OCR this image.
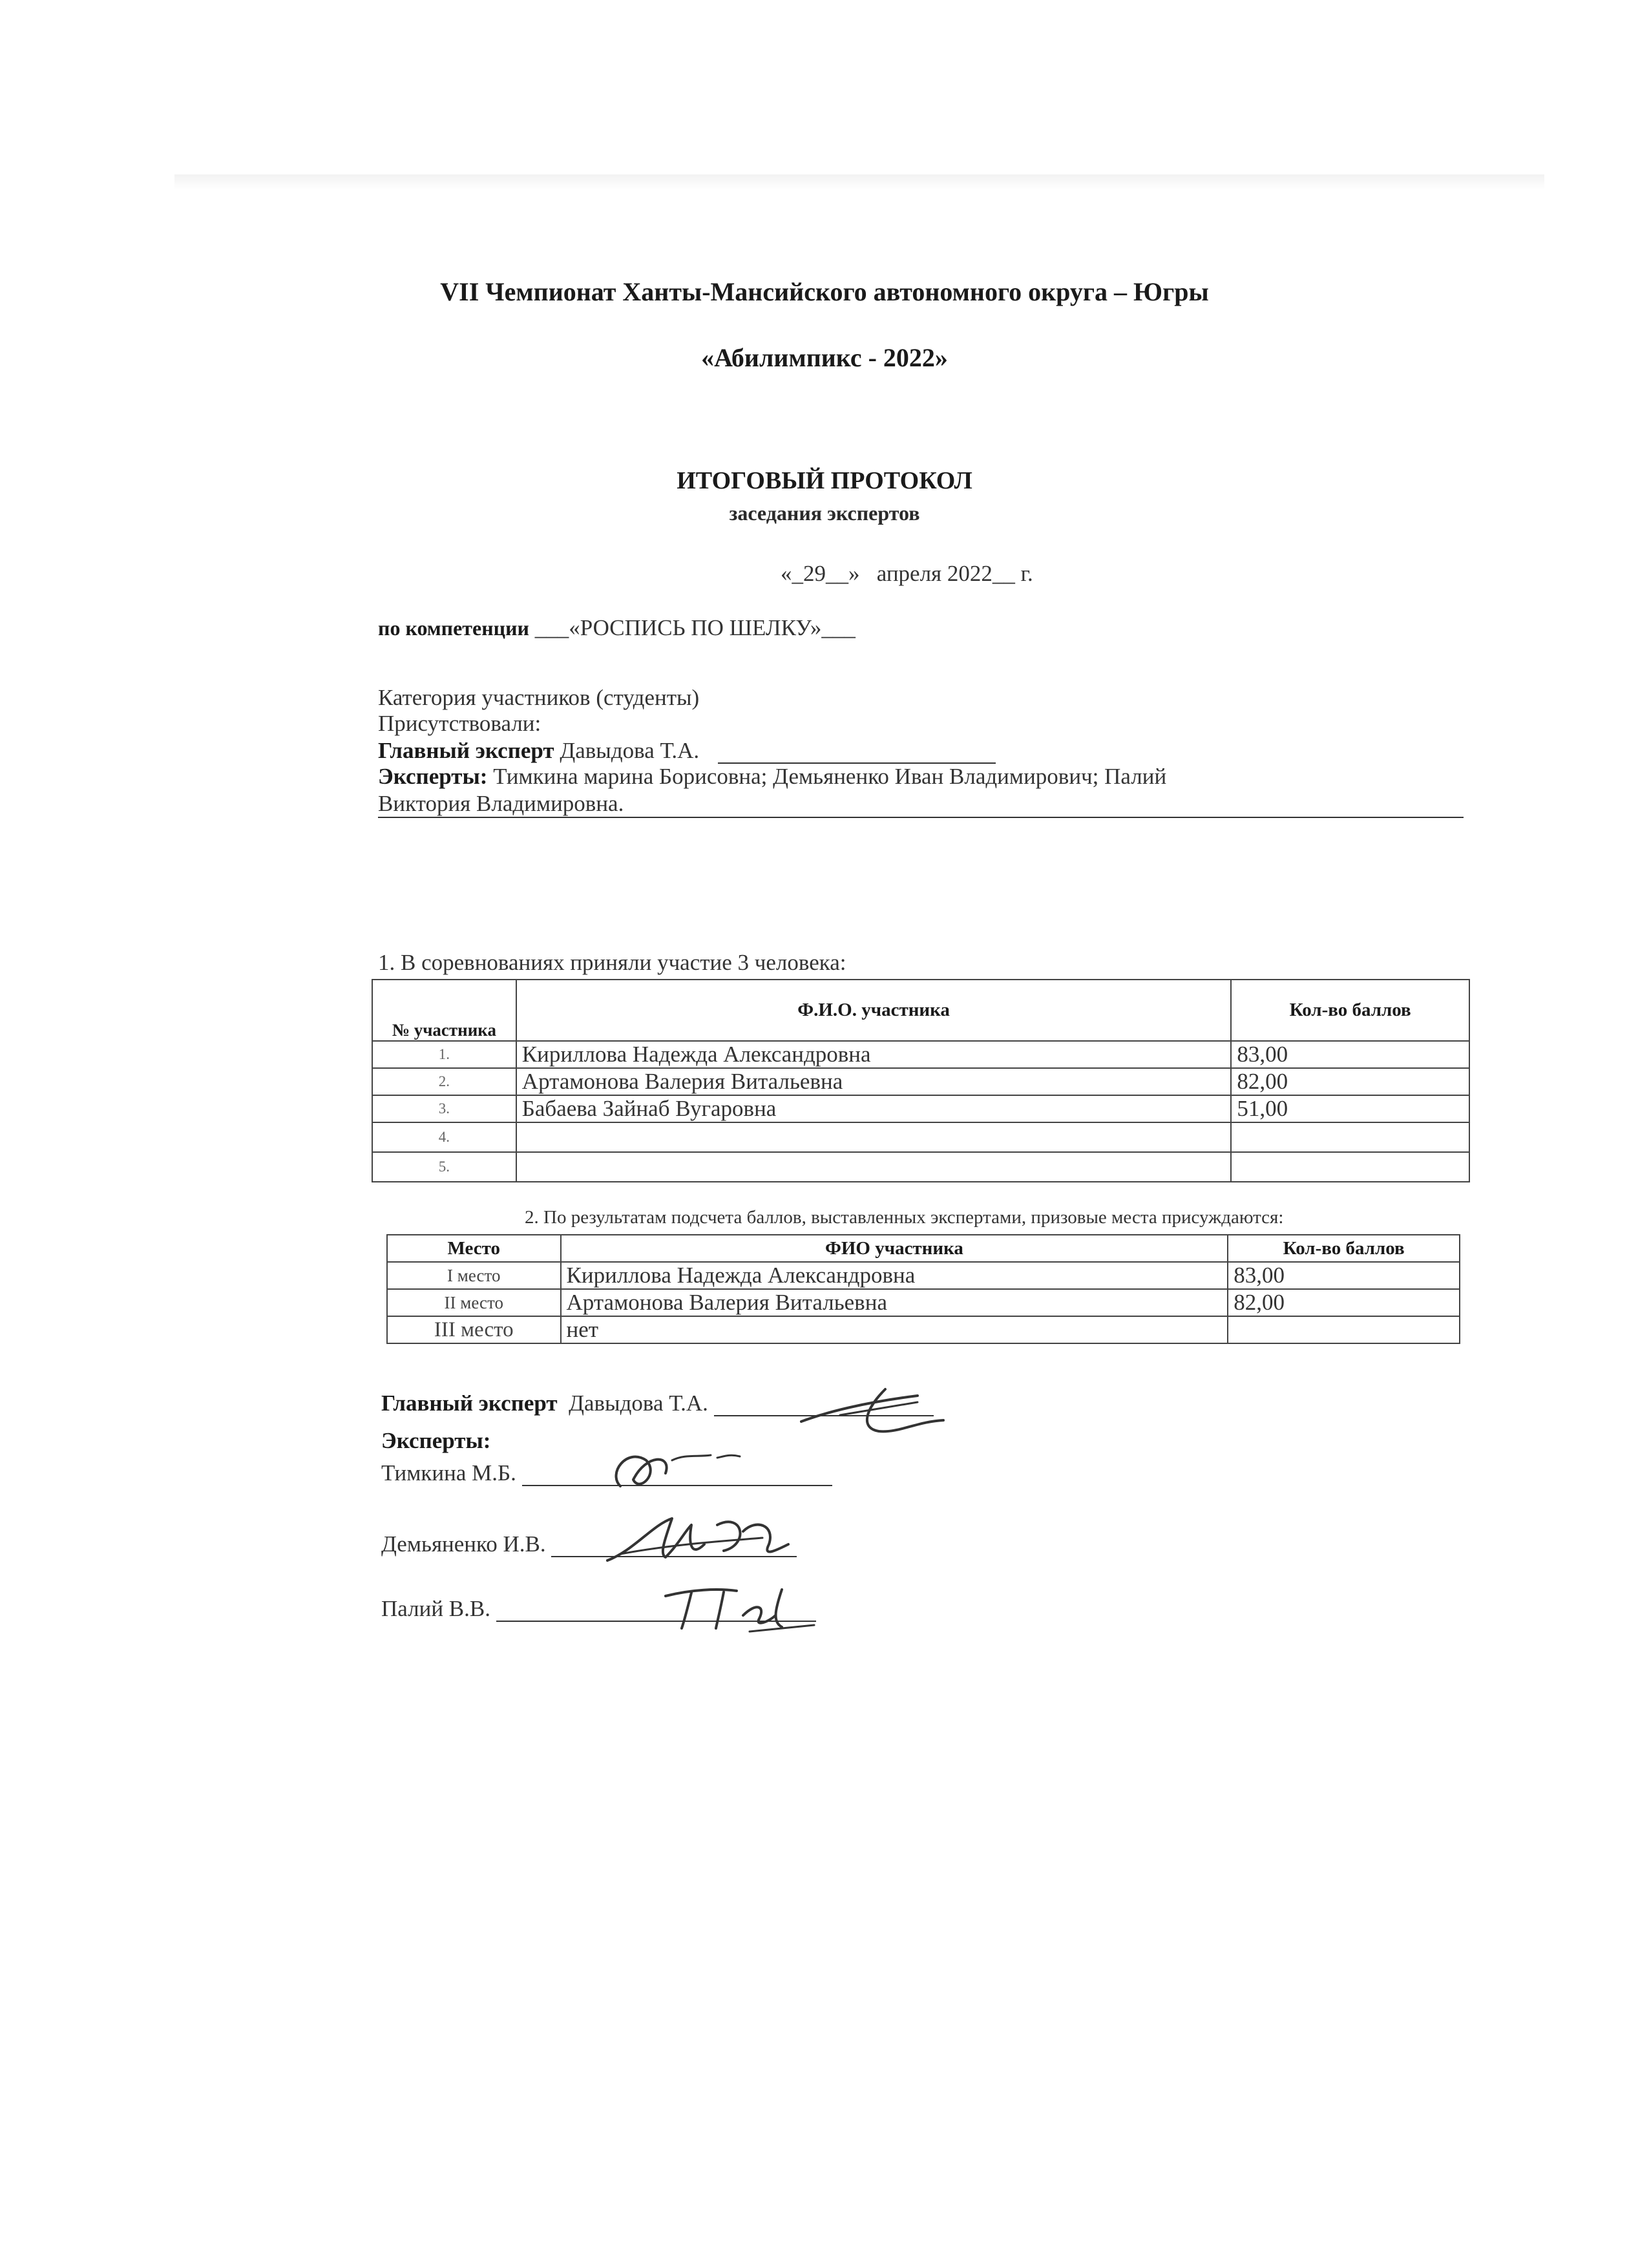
VII Чемпионат Ханты-Мансийского автономного округа – Югры
«Абилимпикс - 2022»
ИТОГОВЫЙ ПРОТОКОЛ
заседания экспертов
«_29__» апреля 2022__ г.
по компетенции ___«РОСПИСЬ ПО ШЕЛКУ»___
Категория участников (студенты)
Присутствовали:
Главный эксперт Давыдова Т.А.
Эксперты: Тимкина марина Борисовна; Демьяненко Иван Владимирович; Палий
Виктория Владимировна.
1. В соревнованиях приняли участие 3 человека:
№ участника	Ф.И.О. участника	Кол-во баллов
1.	Кириллова Надежда Александровна	83,00
2.	Артамонова Валерия Витальевна	82,00
3.	Бабаева Зайнаб Вугаровна	51,00
4.		
5.		
2. По результатам подсчета баллов, выставленных экспертами, призовые места присуждаются:
Место	ФИО участника	Кол-во баллов
I место	Кириллова Надежда Александровна	83,00
II место	Артамонова Валерия Витальевна	82,00
III место	нет	
Главный эксперт Давыдова Т.А.
Эксперты:
Тимкина М.Б.
Демьяненко И.В.
Палий В.В.
